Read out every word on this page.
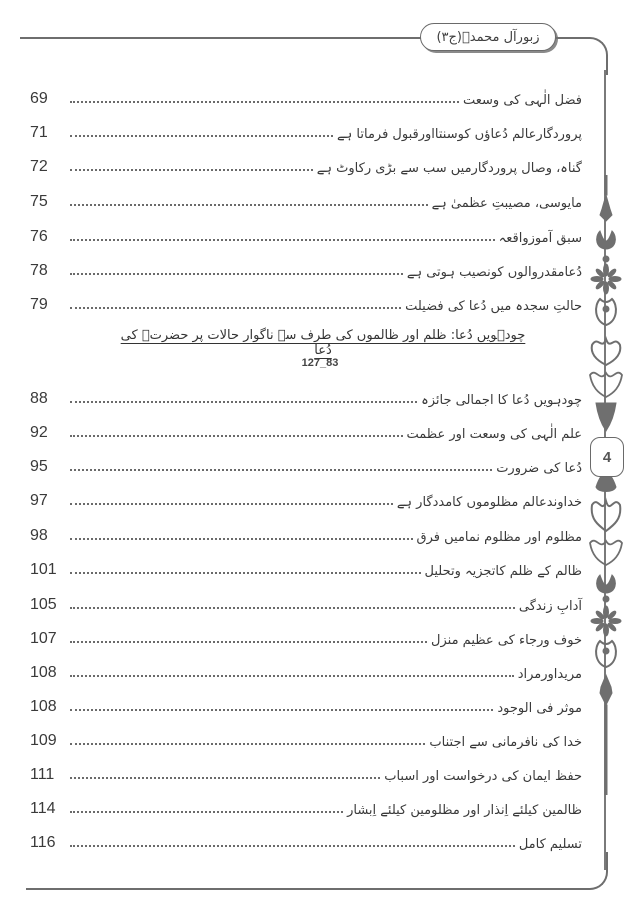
زبورآل محمدؐ(ج۳)
4
69	فضل الٰہی کی وسعت
71	پروردگارعالم دُعاؤں کوسنتااورقبول فرماتا ہے
72	گناہ، وصال پروردگارمیں سب سے بڑی رکاوٹ ہے
75	مایوسی، مصیبتِ عظمیٰ ہے
76	سبق آموزواقعہ
78	دُعامقدروالوں کونصیب ہوتی ہے
79	حالتِ سجدہ میں دُعا کی فضیلت
چودہویں دُعا: ظلم اور ظالموں کی طرف سے ناگوار حالات پر حضرتؑ کی دُعا
127_83
88	چودہویں دُعا کا اجمالی جائزہ
92	علم الٰہی کی وسعت اور عظمت
95	دُعا کی ضرورت
97	خداوندعالم مظلوموں کامددگار ہے
98	مظلوم اور مظلوم نمامیں فرق
101	ظالم کے ظلم کاتجزیہ وتحلیل
105	آدابِ زندگی
107	خوف ورجاء کی عظیم منزل
108	مریداورمراد
108	موثر فی الوجود
109	خدا کی نافرمانی سے اجتناب
111	حفظ ایمان کی درخواست اور اسباب
114	ظالمین کیلئے اِنذار اور مظلومین کیلئے اِبشار
116	تسلیم کامل
